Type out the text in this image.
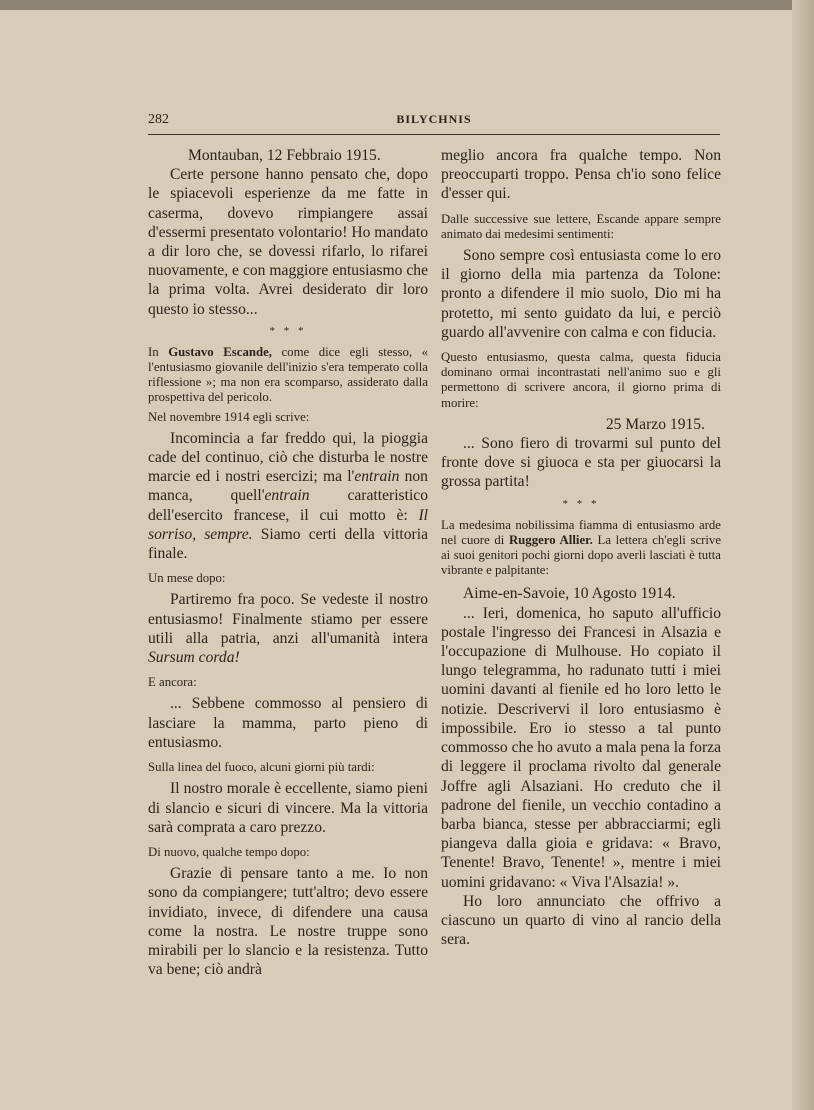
282	BILYCHNIS

Montauban, 12 Febbraio 1915.

Certe persone hanno pensato che, dopo le spiacevoli esperienze da me fatte in caserma, dovevo rimpiangere assai d'essermi presentato volontario! Ho mandato a dir loro che, se dovessi rifarlo, lo rifarei nuovamente, e con maggiore entusiasmo che la prima volta. Avrei desiderato dir loro questo io stesso...

* * *

In Gustavo Escande, come dice egli stesso, « l'entusiasmo giovanile dell'inizio s'era temperato colla riflessione »; ma non era scomparso, assiderato dalla prospettiva del pericolo.

Nel novembre 1914 egli scrive:

Incomincia a far freddo qui, la pioggia cade del continuo, ciò che disturba le nostre marcie ed i nostri esercizi; ma l'entrain non manca, quell'entrain caratteristico dell'esercito francese, il cui motto è: Il sorriso, sempre. Siamo certi della vittoria finale.

Un mese dopo:

Partiremo fra poco. Se vedeste il nostro entusiasmo! Finalmente stiamo per essere utili alla patria, anzi all'umanità intera Sursum corda!

E ancora:

... Sebbene commosso al pensiero di lasciare la mamma, parto pieno di entusiasmo.

Sulla linea del fuoco, alcuni giorni più tardi:

Il nostro morale è eccellente, siamo pieni di slancio e sicuri di vincere. Ma la vittoria sarà comprata a caro prezzo.

Di nuovo, qualche tempo dopo:

Grazie di pensare tanto a me. Io non sono da compiangere; tutt'altro; devo essere invidiato, invece, di difendere una causa come la nostra. Le nostre truppe sono mirabili per lo slancio e la resistenza. Tutto va bene; ciò andrà

meglio ancora fra qualche tempo. Non preoccuparti troppo. Pensa ch'io sono felice d'esser qui.

Dalle successive sue lettere, Escande appare sempre animato dai medesimi sentimenti:

Sono sempre così entusiasta come lo ero il giorno della mia partenza da Tolone: pronto a difendere il mio suolo, Dio mi ha protetto, mi sento guidato da lui, e perciò guardo all'avvenire con calma e con fiducia.

Questo entusiasmo, questa calma, questa fiducia dominano ormai incontrastati nell'animo suo e gli permettono di scrivere ancora, il giorno prima di morire:

25 Marzo 1915.

... Sono fiero di trovarmi sul punto del fronte dove si giuoca e sta per giuocarsi la grossa partita!

* * *

La medesima nobilissima fiamma di entusiasmo arde nel cuore di Ruggero Allier. La lettera ch'egli scrive ai suoi genitori pochi giorni dopo averli lasciati è tutta vibrante e palpitante:

Aime-en-Savoie, 10 Agosto 1914.

... Ieri, domenica, ho saputo all'ufficio postale l'ingresso dei Francesi in Alsazia e l'occupazione di Mulhouse. Ho copiato il lungo telegramma, ho radunato tutti i miei uomini davanti al fienile ed ho loro letto le notizie. Descrivervi il loro entusiasmo è impossibile. Ero io stesso a tal punto commosso che ho avuto a mala pena la forza di leggere il proclama rivolto dal generale Joffre agli Alsaziani. Ho creduto che il padrone del fienile, un vecchio contadino a barba bianca, stesse per abbracciarmi; egli piangeva dalla gioia e gridava: « Bravo, Tenente! Bravo, Tenente! », mentre i miei uomini gridavano: « Viva l'Alsazia! ».

Ho loro annunciato che offrivo a ciascuno un quarto di vino al rancio della sera.
